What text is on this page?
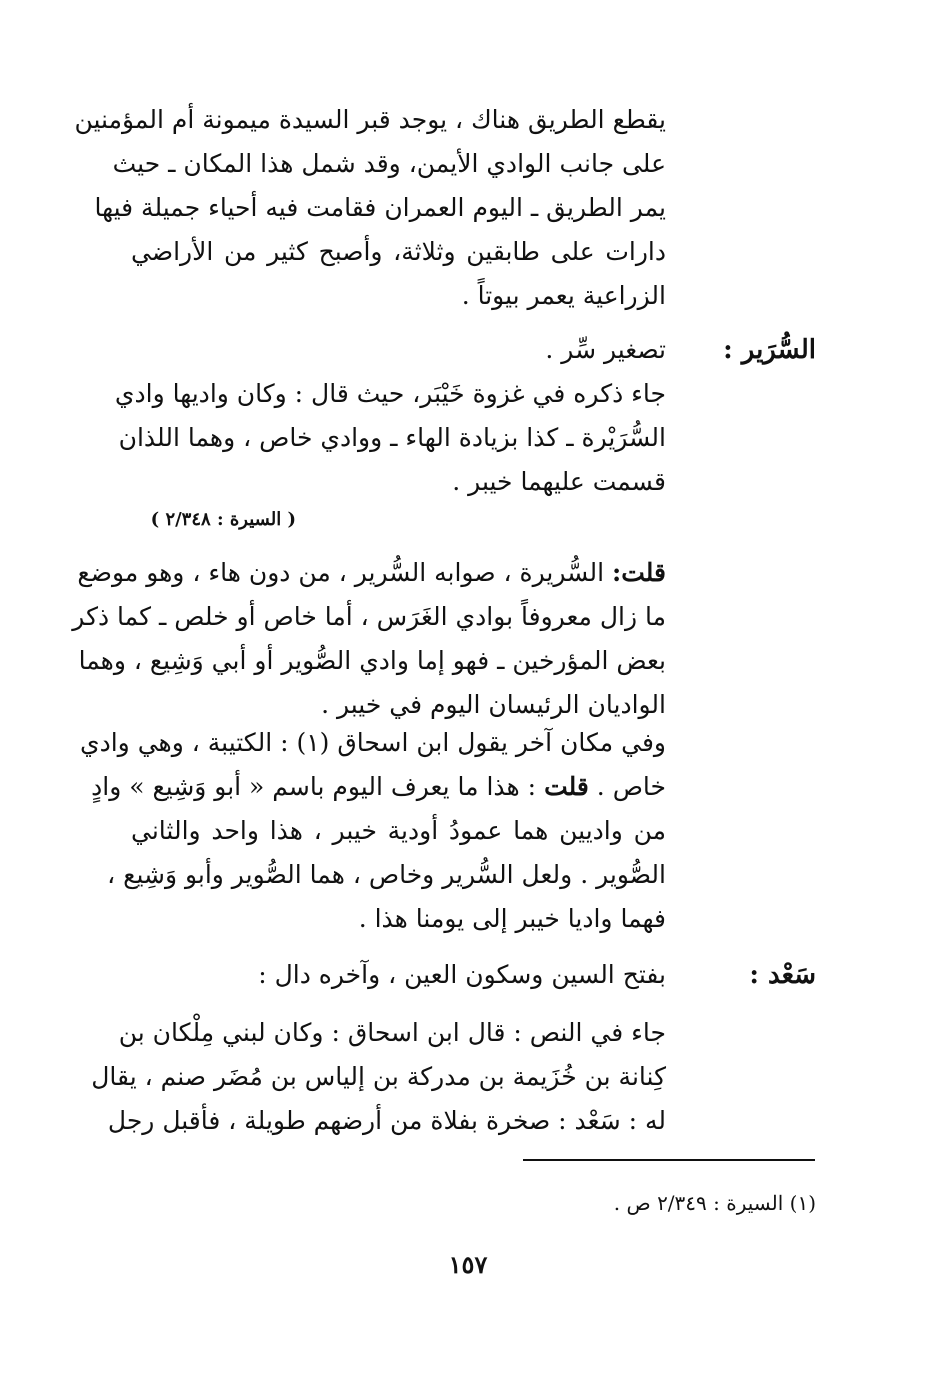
يقطع الطريق هناك ، يوجد قبر السيدة ميمونة أم المؤمنين
على جانب الوادي الأيمن، وقد شمل هذا المكان ـ حيث
يمر الطريق ـ اليوم العمران فقامت فيه أحياء جميلة فيها
دارات على طابقين وثلاثة، وأصبح كثير من الأراضي
الزراعية يعمر بيوتاً .
السُّرَير :
تصغير سِّر .
جاء ذكره في غزوة خَيْبَر، حيث قال : وكان واديها وادي
السُّرَيْرة ـ كذا بزيادة الهاء ـ ووادي خاص ، وهما اللذان
قسمت عليهما خيبر .
( السيرة : ٢/٣٤٨ )
قلت: السُّريرة ، صوابه السُّرير ، من دون هاء ، وهو موضع
ما زال معروفاً بوادي الغَرَس ، أما خاص أو خلص ـ كما ذكر
بعض المؤرخين ـ فهو إما وادي الصُّوير أو أبي وَشِيع ، وهما
الواديان الرئيسان اليوم في خيبر .
وفي مكان آخر يقول ابن اسحاق (١) : الكتيبة ، وهي وادي
خاص . قلت : هذا ما يعرف اليوم باسم « أبو وَشِيع » وادٍ
من واديين هما عمودُ أودية خيبر ، هذا واحد والثاني
الصُّوير . ولعل السُّرير وخاص ، هما الصُّوير وأبو وَشِيع ،
فهما واديا خيبر إلى يومنا هذا .
سَعْد :
بفتح السين وسكون العين ، وآخره دال :
جاء في النص : قال ابن اسحاق : وكان لبني مِلْكان بن
كِنانة بن خُزَيمة بن مدركة بن إلياس بن مُضَر صنم ، يقال
له : سَعْد : صخرة بفلاة من أرضهم طويلة ، فأقبل رجل
(١) السيرة : ٢/٣٤٩ ص .
١٥٧
